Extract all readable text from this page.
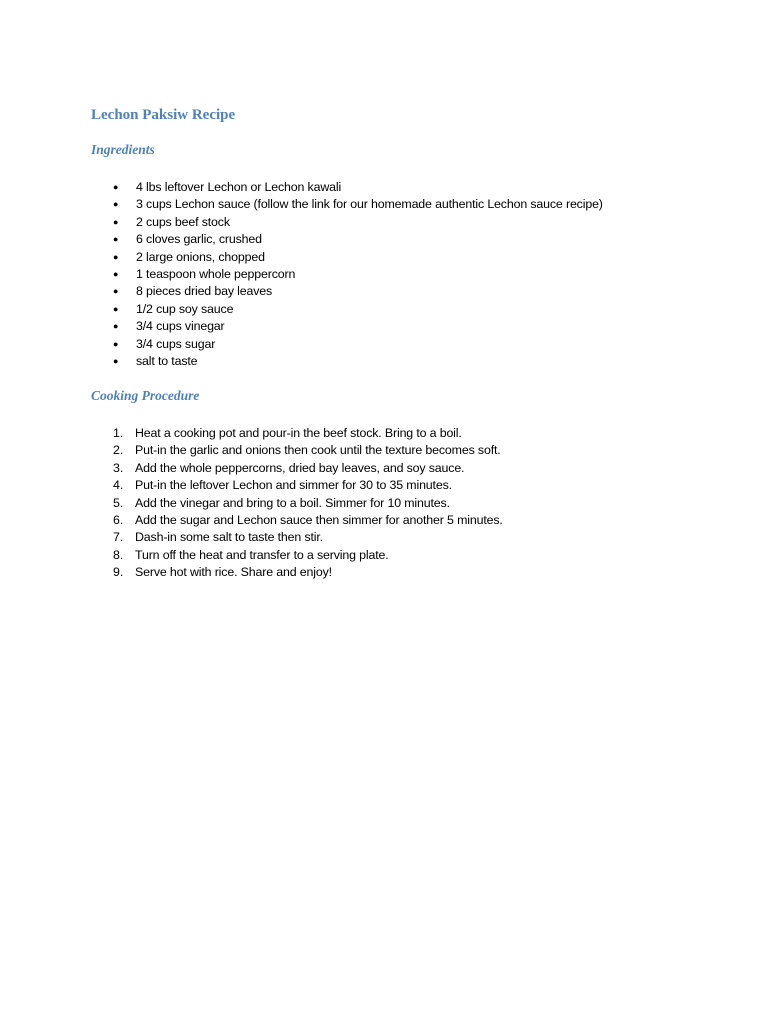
Lechon Paksiw Recipe
Ingredients
● 4 lbs leftover Lechon or Lechon kawali
● 3 cups Lechon sauce (follow the link for our homemade authentic Lechon sauce recipe)
● 2 cups beef stock
● 6 cloves garlic, crushed
● 2 large onions, chopped
● 1 teaspoon whole peppercorn
● 8 pieces dried bay leaves
● 1/2 cup soy sauce
● 3/4 cups vinegar
● 3/4 cups sugar
● salt to taste
Cooking Procedure
1. Heat a cooking pot and pour-in the beef stock. Bring to a boil.
2. Put-in the garlic and onions then cook until the texture becomes soft.
3. Add the whole peppercorns, dried bay leaves, and soy sauce.
4. Put-in the leftover Lechon and simmer for 30 to 35 minutes.
5. Add the vinegar and bring to a boil. Simmer for 10 minutes.
6. Add the sugar and Lechon sauce then simmer for another 5 minutes.
7. Dash-in some salt to taste then stir.
8. Turn off the heat and transfer to a serving plate.
9. Serve hot with rice. Share and enjoy!
